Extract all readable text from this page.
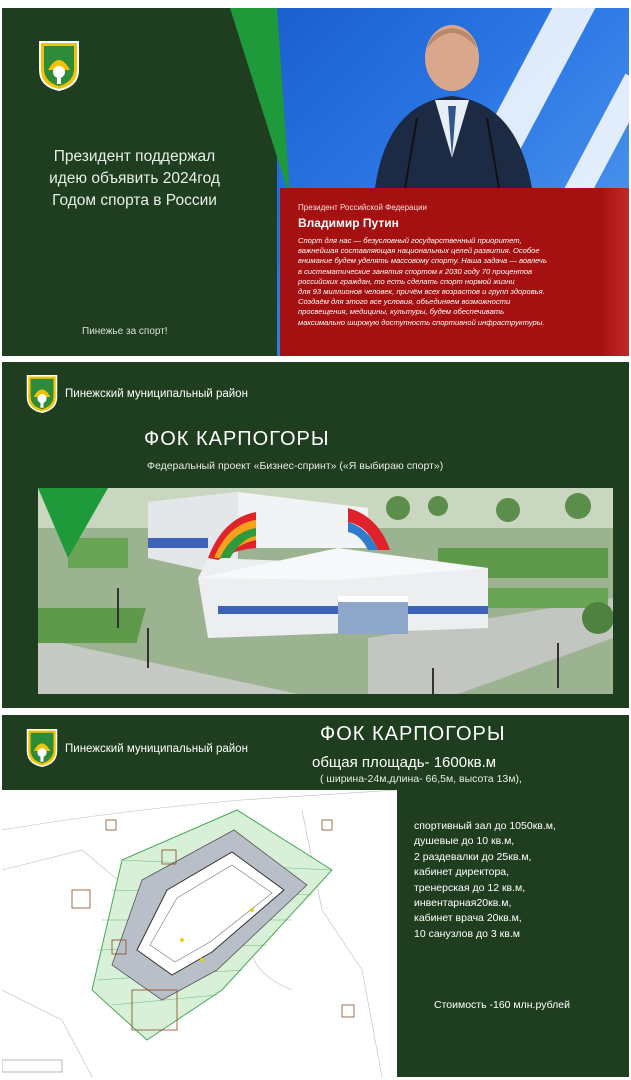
Президент поддержал
идею объявить 2024год
Годом спорта в России
Пинежье за спорт!
Президент Российской Федерации
Владимир Путин
Спорт для нас — безусловный государственный приоритет,
важнейшая составляющая национальных целей развития. Особое
внимание будем уделять массовому спорту. Наша задача — вовлечь
в систематические занятия спортом к 2030 году 70 процентов
российских граждан, то есть сделать спорт нормой жизни
для 93 миллионов человек, причём всех возрастов и групп здоровья.
Создаём для этого все условия, объединяем возможности
просвещения, медицины, культуры, будем обеспечивать
максимально широкую доступность спортивной инфраструктуры.
Пинежский муниципальный район
ФОК КАРПОГОРЫ
Федеральный проект «Бизнес-спринт» («Я выбираю спорт»)
Пинежский муниципальный район
ФОК КАРПОГОРЫ
общая площадь- 1600кв.м
( ширина-24м,длина- 66,5м, высота 13м),
спортивный зал до 1050кв.м,
душевые до 10 кв.м,
2 раздевалки до 25кв.м,
кабинет директора,
тренерская до 12 кв.м,
инвентарная20кв.м,
кабинет врача 20кв.м,
10 санузлов до 3 кв.м
Стоимость -160 млн.рублей
